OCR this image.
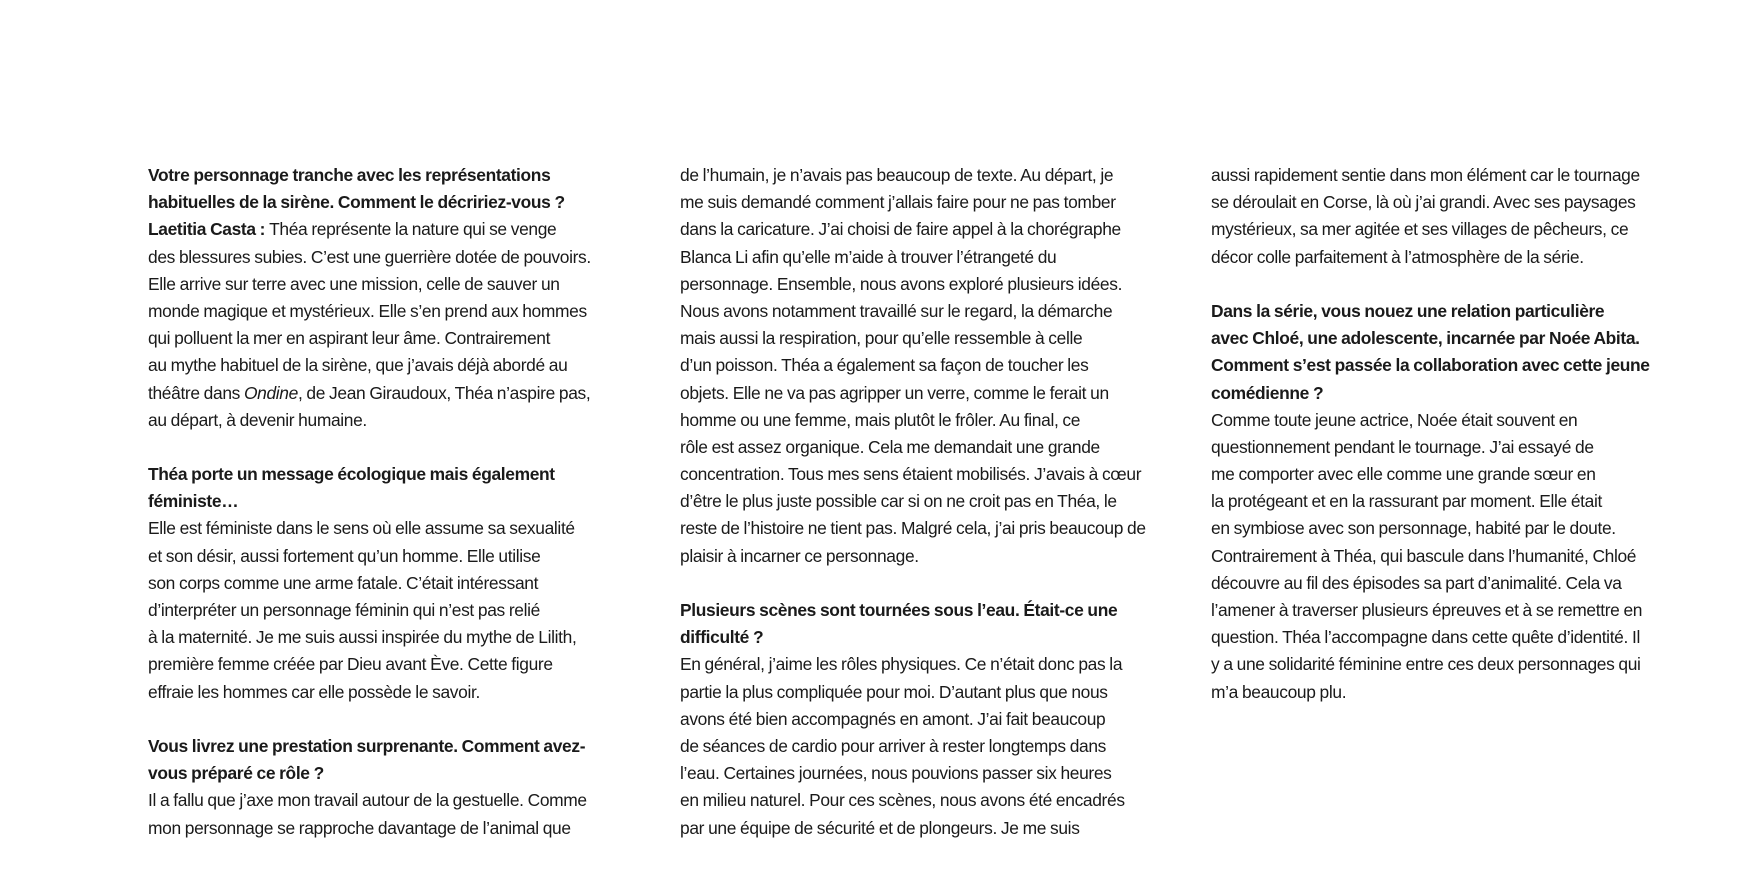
Votre personnage tranche avec les représentations
habituelles de la sirène. Comment le décririez-vous ?
Laetitia Casta : Théa représente la nature qui se venge
des blessures subies. C’est une guerrière dotée de pouvoirs.
Elle arrive sur terre avec une mission, celle de sauver un
monde magique et mystérieux. Elle s’en prend aux hommes
qui polluent la mer en aspirant leur âme. Contrairement
au mythe habituel de la sirène, que j’avais déjà abordé au
théâtre dans Ondine, de Jean Giraudoux, Théa n’aspire pas,
au départ, à devenir humaine.
Théa porte un message écologique mais également
féministe…
Elle est féministe dans le sens où elle assume sa sexualité
et son désir, aussi fortement qu’un homme. Elle utilise
son corps comme une arme fatale. C’était intéressant
d’interpréter un personnage féminin qui n’est pas relié
à la maternité. Je me suis aussi inspirée du mythe de Lilith,
première femme créée par Dieu avant Ève. Cette figure
effraie les hommes car elle possède le savoir.
Vous livrez une prestation surprenante. Comment avez-
vous préparé ce rôle ?
Il a fallu que j’axe mon travail autour de la gestuelle. Comme
mon personnage se rapproche davantage de l’animal que
de l’humain, je n’avais pas beaucoup de texte. Au départ, je
me suis demandé comment j’allais faire pour ne pas tomber
dans la caricature. J’ai choisi de faire appel à la chorégraphe
Blanca Li afin qu’elle m’aide à trouver l’étrangeté du
personnage. Ensemble, nous avons exploré plusieurs idées.
Nous avons notamment travaillé sur le regard, la démarche
mais aussi la respiration, pour qu’elle ressemble à celle
d’un poisson. Théa a également sa façon de toucher les
objets. Elle ne va pas agripper un verre, comme le ferait un
homme ou une femme, mais plutôt le frôler. Au final, ce
rôle est assez organique. Cela me demandait une grande
concentration. Tous mes sens étaient mobilisés. J’avais à cœur
d’être le plus juste possible car si on ne croit pas en Théa, le
reste de l’histoire ne tient pas. Malgré cela, j’ai pris beaucoup de
plaisir à incarner ce personnage.
Plusieurs scènes sont tournées sous l’eau. Était-ce une
difficulté ?
En général, j’aime les rôles physiques. Ce n’était donc pas la
partie la plus compliquée pour moi. D’autant plus que nous
avons été bien accompagnés en amont. J’ai fait beaucoup
de séances de cardio pour arriver à rester longtemps dans
l’eau. Certaines journées, nous pouvions passer six heures
en milieu naturel. Pour ces scènes, nous avons été encadrés
par une équipe de sécurité et de plongeurs. Je me suis
aussi rapidement sentie dans mon élément car le tournage
se déroulait en Corse, là où j’ai grandi. Avec ses paysages
mystérieux, sa mer agitée et ses villages de pêcheurs, ce
décor colle parfaitement à l’atmosphère de la série.
Dans la série, vous nouez une relation particulière
avec Chloé, une adolescente, incarnée par Noée Abita.
Comment s’est passée la collaboration avec cette jeune
comédienne ?
Comme toute jeune actrice, Noée était souvent en
questionnement pendant le tournage. J’ai essayé de
me comporter avec elle comme une grande sœur en
la protégeant et en la rassurant par moment. Elle était
en symbiose avec son personnage, habité par le doute.
Contrairement à Théa, qui bascule dans l’humanité, Chloé
découvre au fil des épisodes sa part d’animalité. Cela va
l’amener à traverser plusieurs épreuves et à se remettre en
question. Théa l’accompagne dans cette quête d’identité. Il
y a une solidarité féminine entre ces deux personnages qui
m’a beaucoup plu.
